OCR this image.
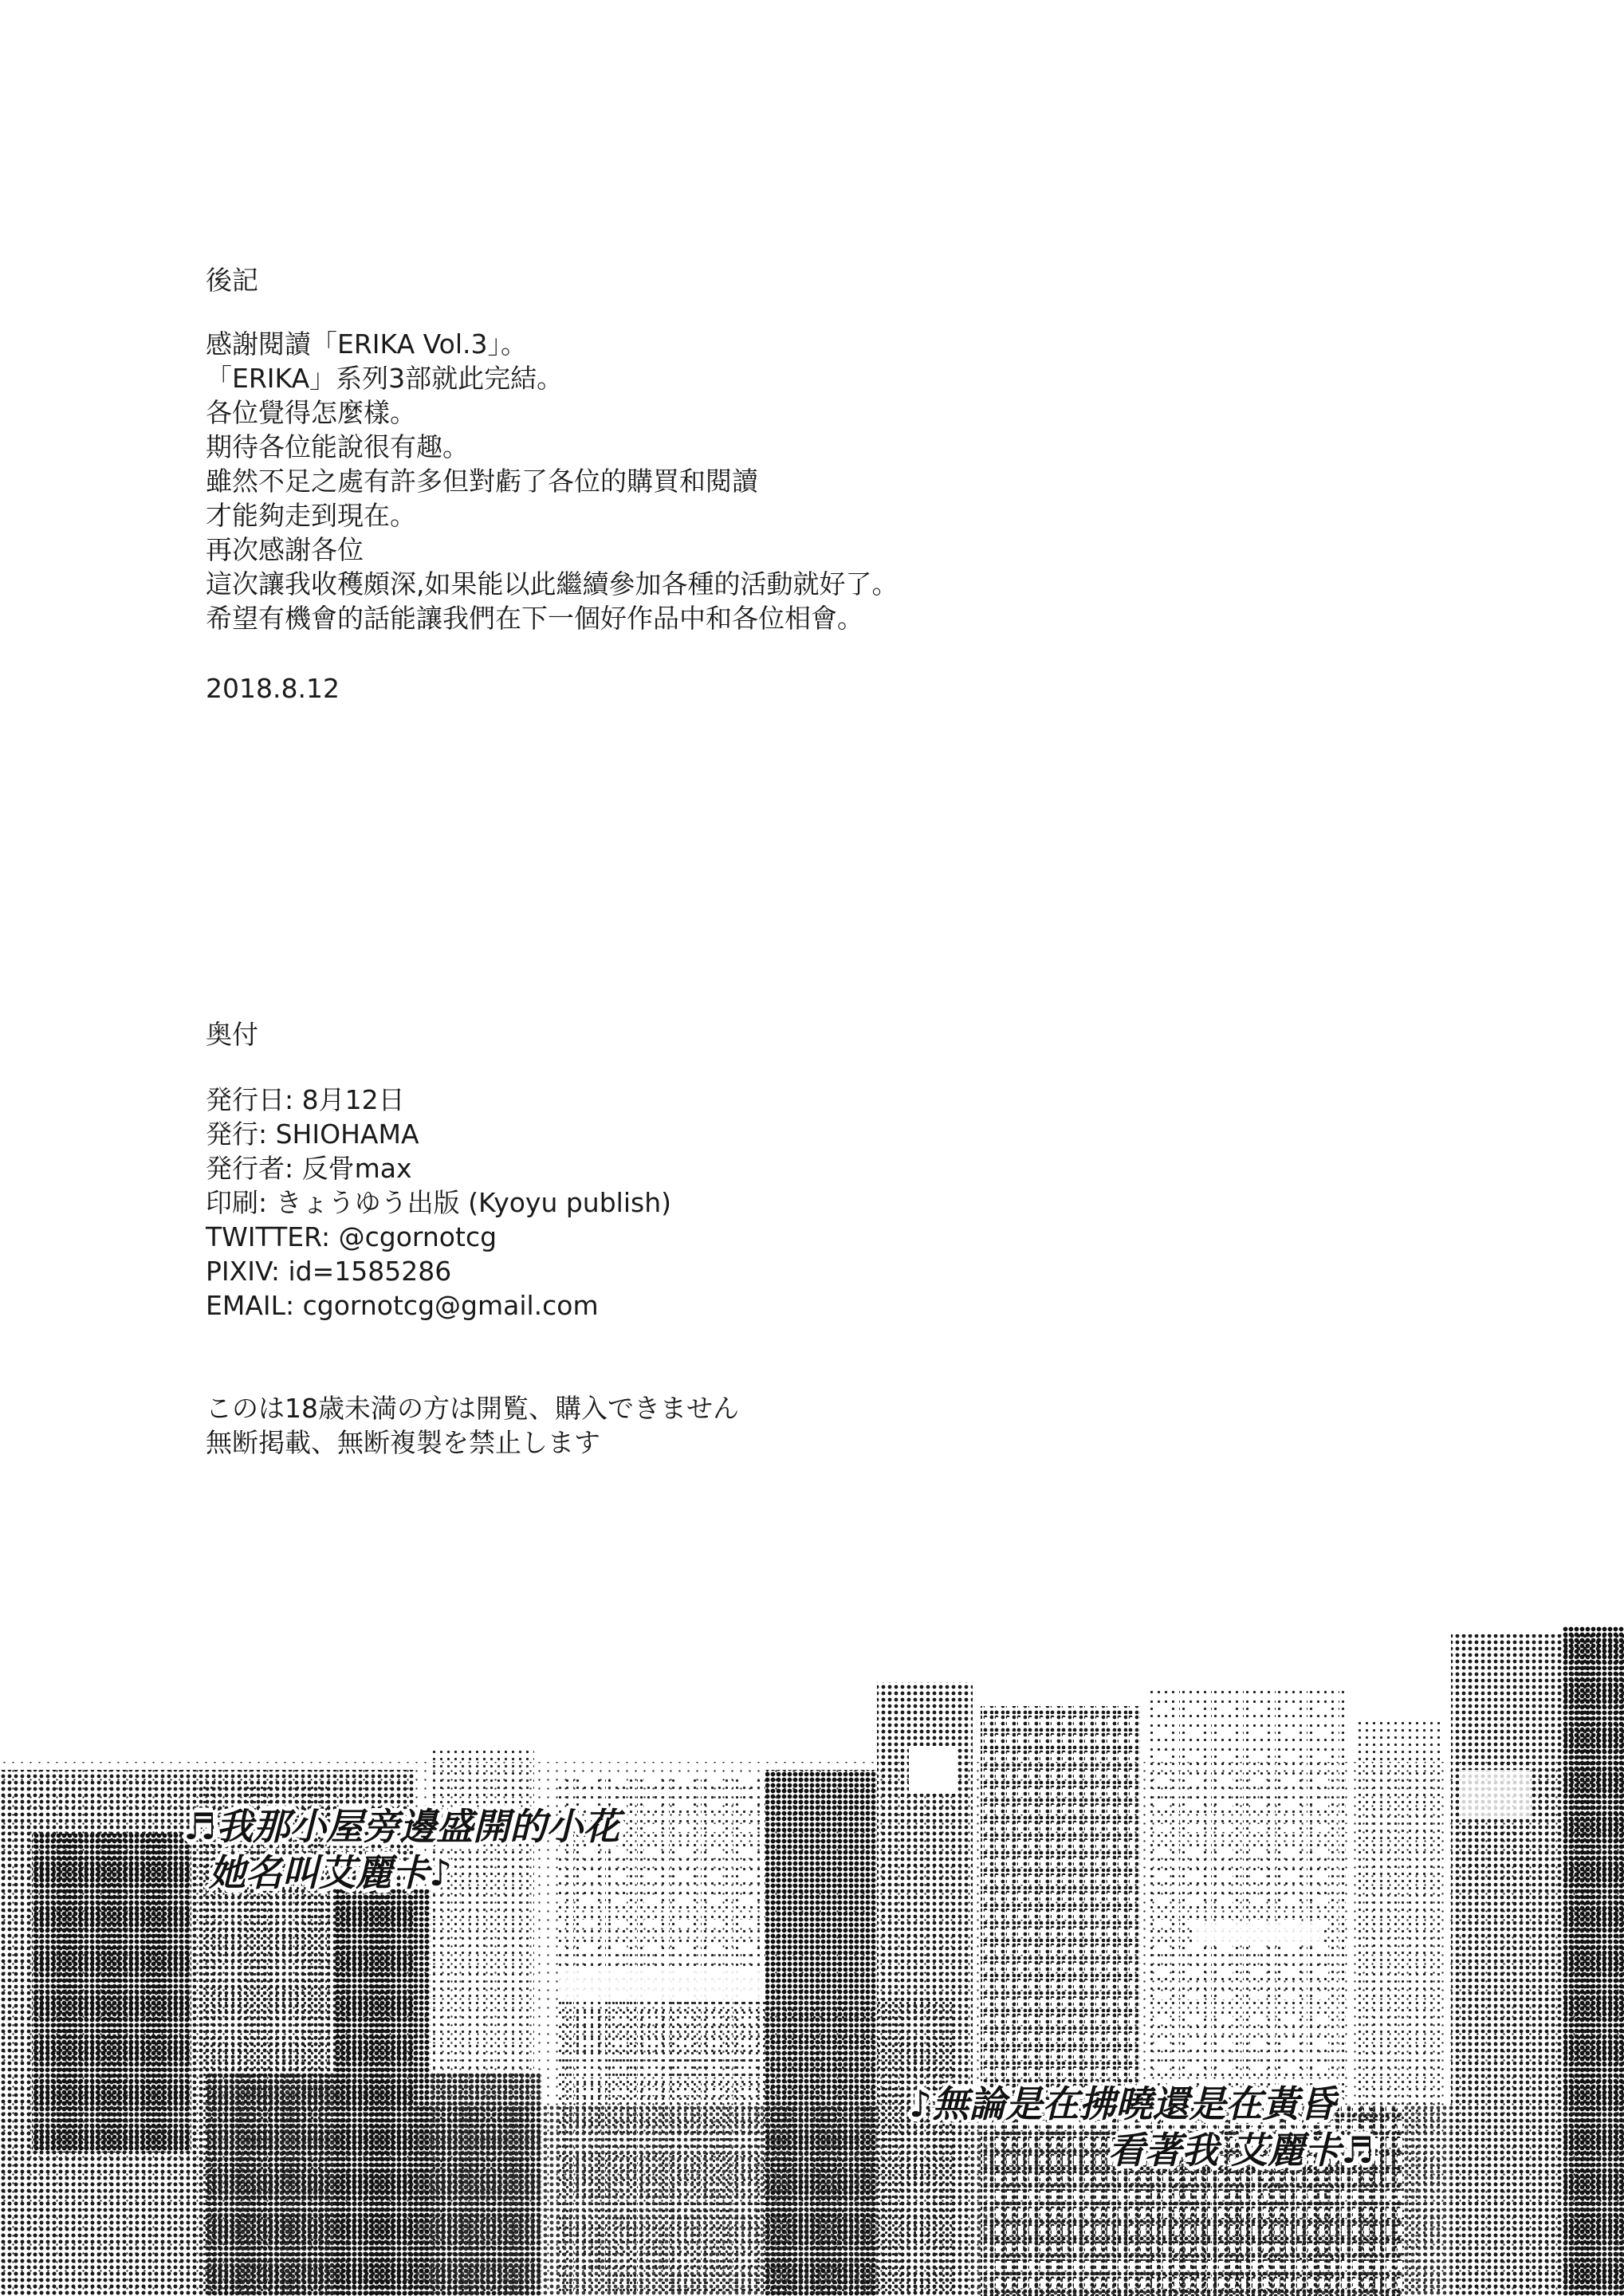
後記
感謝閱讀「ERIKA Vol.3」。
「ERIKA」系列3部就此完結。
各位覺得怎麼樣。
期待各位能說很有趣。
雖然不足之處有許多但對虧了各位的購買和閱讀
才能夠走到現在。
再次感謝各位
這次讓我收穫頗深,如果能以此繼續參加各種的活動就好了。
希望有機會的話能讓我們在下一個好作品中和各位相會。
2018.8.12
奥付
発行日: 8月12日
発行: SHIOHAMA
発行者: 反骨max
印刷: きょうゆう出版 (Kyoyu publish)
TWITTER: @cgornotcg
PIXIV: id=1585286
EMAIL: cgornotcg@gmail.com
このは18歳未満の方は開覧、購入できません
無断掲載、無断複製を禁止します
♬我那小屋旁邊盛開的小花
她名叫艾麗卡♪
♪無論是在拂曉還是在黃昏
看著我 艾麗卡♬
